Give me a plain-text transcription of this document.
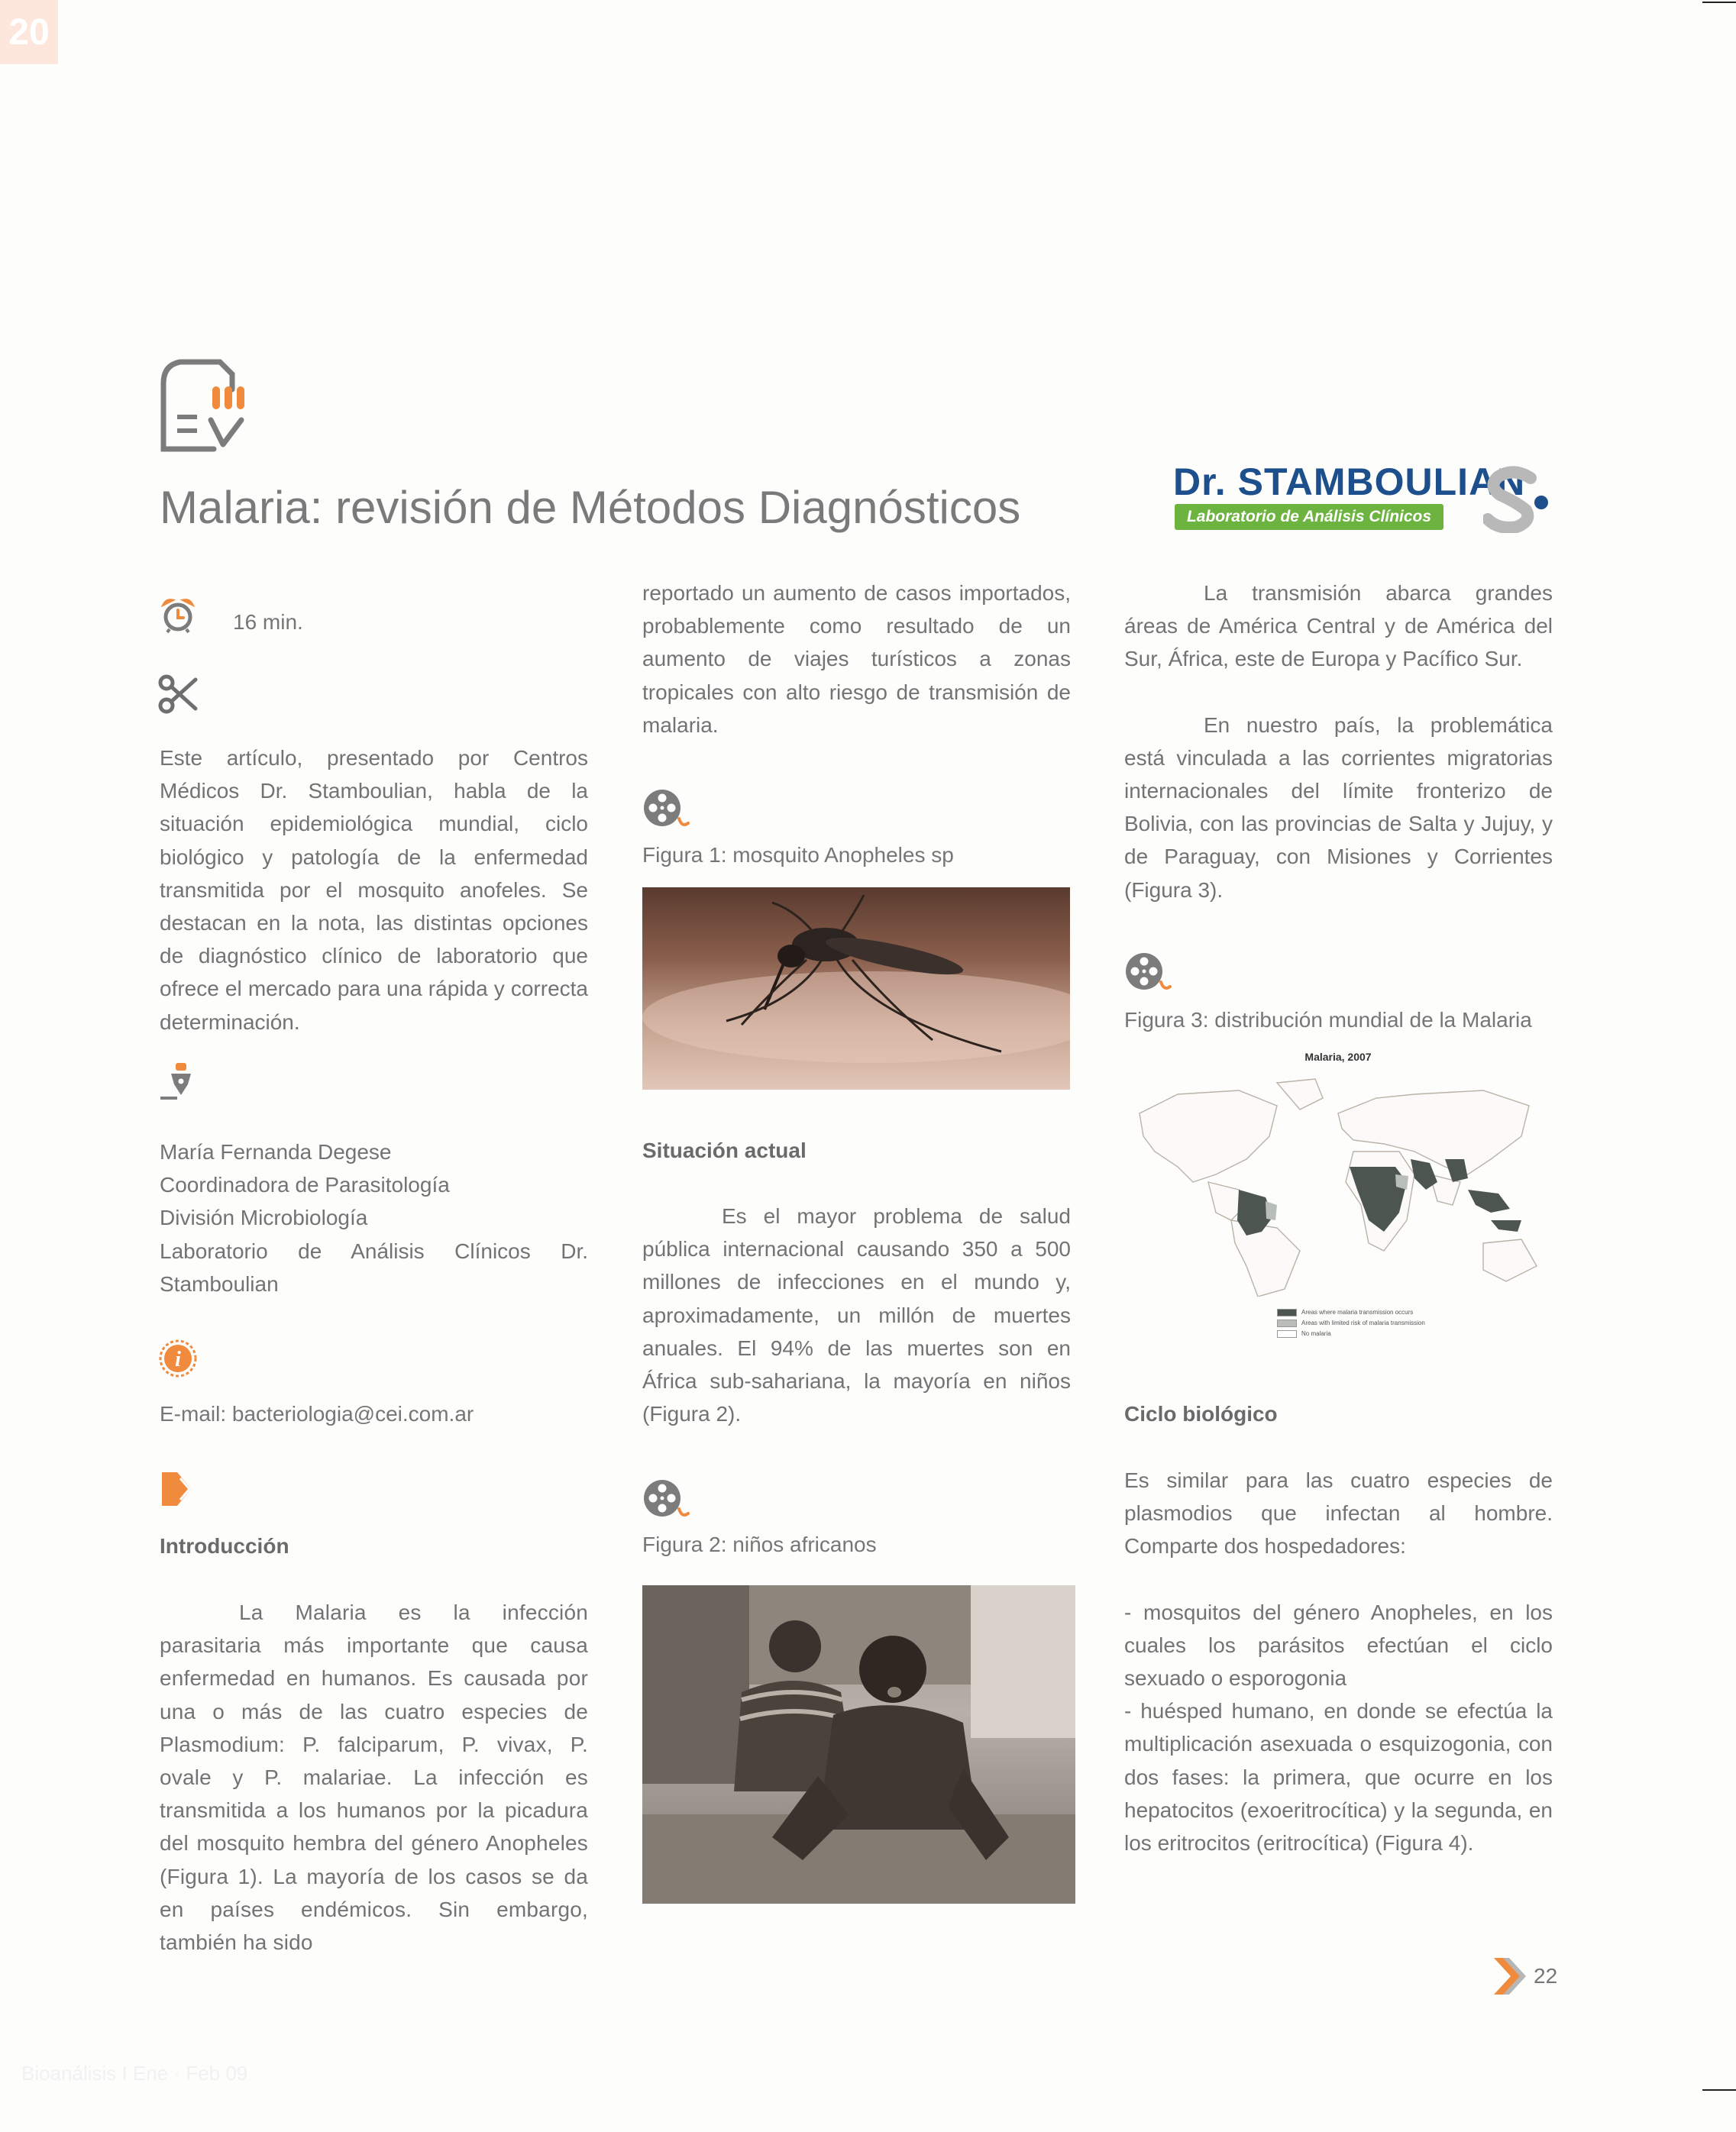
20
Malaria: revisión de Métodos Diagnósticos	Dr. STAMBOULIAN
Laboratorio de Análisis Clínicos
16 min.

Este artículo, presentado por Centros Médicos Dr. Stamboulian, habla de la situación epidemiológica mundial, ciclo biológico y patología de la enfermedad transmitida por el mosquito anofeles. Se destacan en la nota, las distintas opciones de diagnóstico clínico de laboratorio que ofrece el mercado para una rápida y correcta determinación.

María Fernanda Degese

Coordinadora de Parasitología

División Microbiología

Laboratorio de Análisis Clínicos Dr. Stamboulian

i
E-mail: bacteriologia@cei.com.ar
Introducción

La Malaria es la infección parasitaria más importante que causa enfermedad en humanos. Es causada por una o más de las cuatro especies de Plasmodium: P. falciparum, P. vivax, P. ovale y P. malariae. La infección es transmitida a los humanos por la picadura del mosquito hembra del género Anopheles (Figura 1). La mayoría de los casos se da en países endémicos. Sin embargo, también ha sido

reportado un aumento de casos importados, probablemente como resultado de un aumento de viajes turísticos a zonas tropicales con alto riesgo de transmisión de malaria.

Figura 1: mosquito Anopheles sp
Situación actual

Es el mayor problema de salud pública internacional causando 350 a 500 millones de infecciones en el mundo y, aproximadamente, un millón de muertes anuales. El 94% de las muertes son en África sub-sahariana, la mayoría en niños (Figura 2).

Figura 2: niños africanos

La transmisión abarca grandes áreas de América Central y de América del Sur, África, este de Europa y Pacífico Sur.

En nuestro país, la problemática está vinculada a las corrientes migratorias internacionales del límite fronterizo de Bolivia, con las provincias de Salta y Jujuy, y de Paraguay, con Misiones y Corrientes (Figura 3).

Figura 3: distribución mundial de la Malaria
Malaria, 2007
Areas where malaria transmission occurs
Areas with limited risk of malaria transmission
No malaria
Ciclo biológico

Es similar para las cuatro especies de plasmodios que infectan al hombre. Comparte dos hospedadores:

- mosquitos del género Anopheles, en los cuales los parásitos efectúan el ciclo sexuado o esporogonia

- huésped humano, en donde se efectúa la multiplicación asexuada o esquizogonia, con dos fases: la primera, que ocurre en los hepatocitos (exoeritrocítica) y la segunda, en los eritrocitos (eritrocítica) (Figura 4).

22
Bioanálisis I Ene · Feb 09
